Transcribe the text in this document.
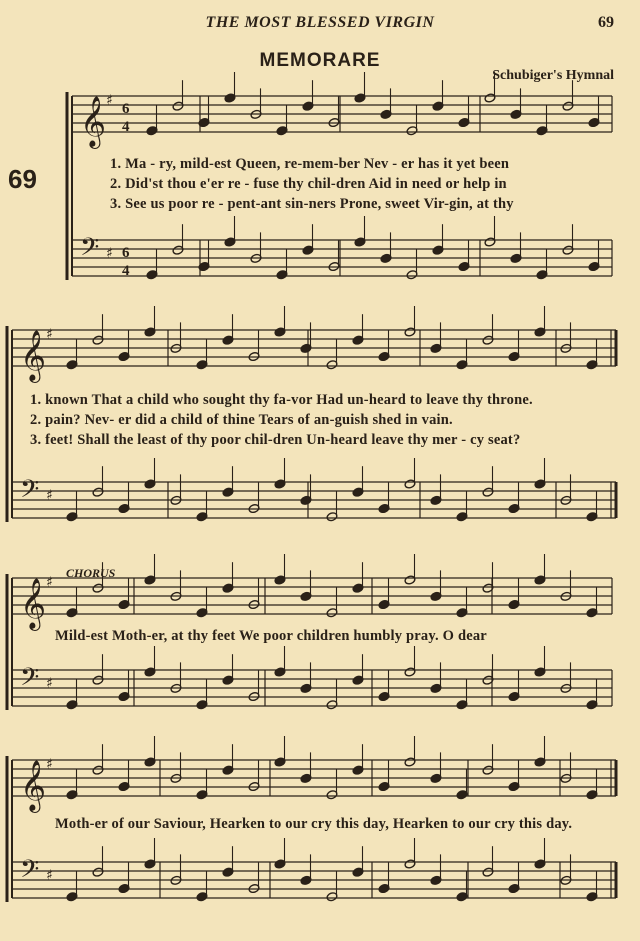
THE MOST BLESSED VIRGIN	69
MEMORARE
Schubiger's Hymnal
69
𝄞 ♯
6
4
𝄢 ♯ 6
4
1. Ma - ry, mild-est Queen, re-mem-ber Nev - er has it yet been
2. Did'st thou e'er re - fuse thy chil-dren Aid in need or help in
3. See us poor re - pent-ant sin-ners Prone, sweet Vir-gin, at thy
𝄞 ♯
𝄢 ♯
1. known That a child who sought thy fa-vor Had un-heard to leave thy throne.
2. pain? Nev- er did a child of thine Tears of an-guish shed in vain.
3. feet! Shall the least of thy poor chil-dren Un-heard leave thy mer - cy seat?
CHORUS
𝄞 ♯
𝄢 ♯
Mild-est Moth-er, at thy feet We poor children humbly pray. O dear
𝄞 ♯
𝄢 ♯
Moth-er of our Saviour, Hearken to our cry this day, Hearken to our cry this day.
